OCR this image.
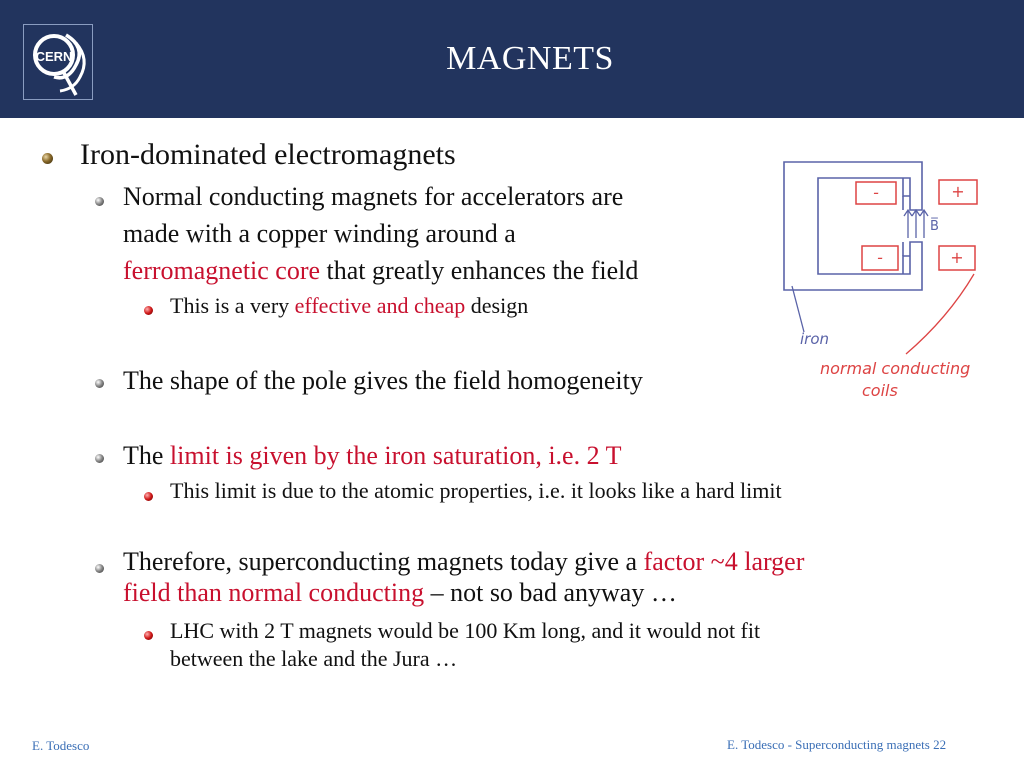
CERN	MAGNETS
Iron-dominated electromagnets
Normal conducting magnets for accelerators are
made with a copper winding around a
ferromagnetic core that greatly enhances the field
This is a very effective and cheap design
The shape of the pole gives the field homogeneity
The limit is given by the iron saturation, i.e. 2 T
This limit is due to the atomic properties, i.e. it looks like a hard limit
Therefore, superconducting magnets today give a factor ~4 larger
field than normal conducting – not so bad anyway …
LHC with 2 T magnets would be 100 Km long, and it would not fit
between the lake and the Jura …
-	+
-	+
B̅
iron
normal conducting
coils
E. Todesco	E. Todesco - Superconducting magnets 22
